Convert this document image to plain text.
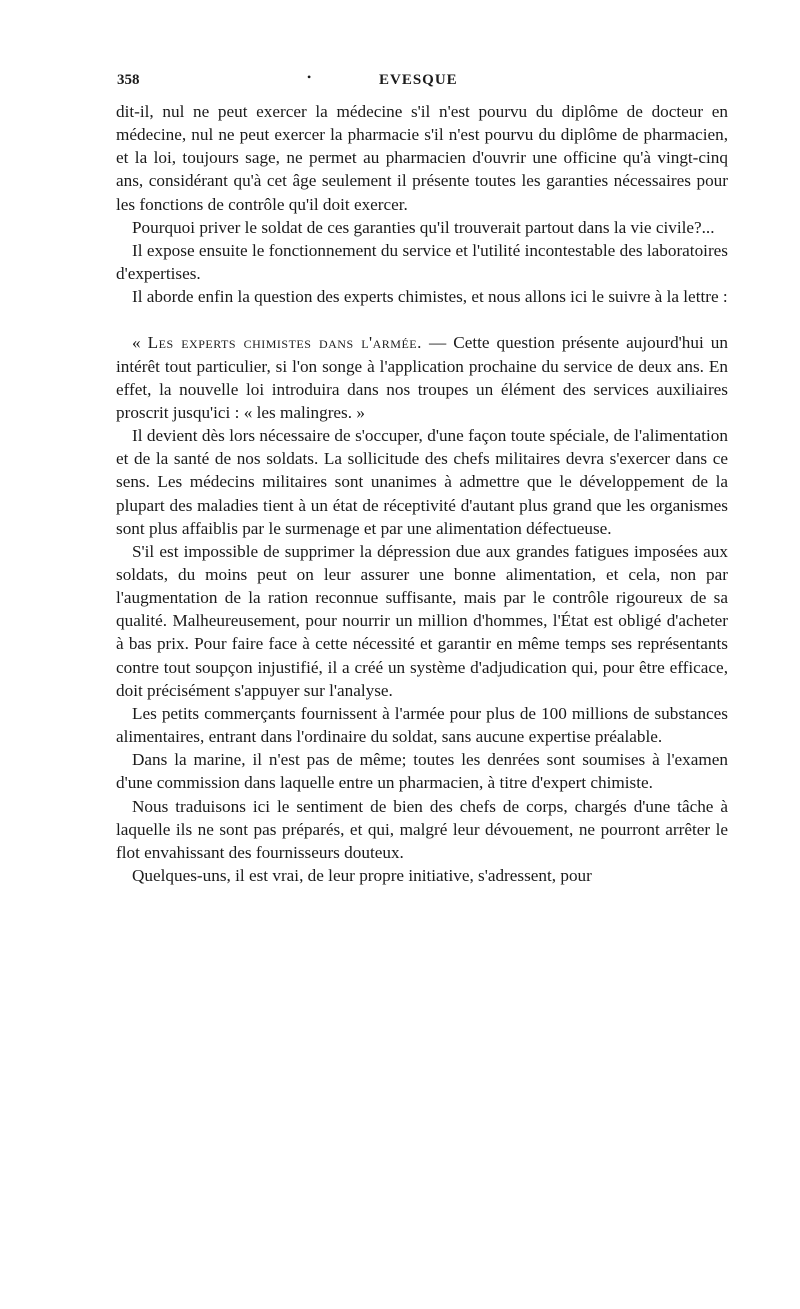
358	•	EVESQUE

dit-il, nul ne peut exercer la médecine s'il n'est pourvu du diplôme de docteur en médecine, nul ne peut exercer la pharmacie s'il n'est pourvu du diplôme de pharmacien, et la loi, toujours sage, ne permet au pharmacien d'ouvrir une officine qu'à vingt-cinq ans, considérant qu'à cet âge seulement il présente toutes les garanties nécessaires pour les fonctions de contrôle qu'il doit exercer.

Pourquoi priver le soldat de ces garanties qu'il trouverait partout dans la vie civile?...

Il expose ensuite le fonctionnement du service et l'utilité incontestable des laboratoires d'expertises.

Il aborde enfin la question des experts chimistes, et nous allons ici le suivre à la lettre :

« Les experts chimistes dans l'armée. — Cette question présente aujourd'hui un intérêt tout particulier, si l'on songe à l'application prochaine du service de deux ans. En effet, la nouvelle loi introduira dans nos troupes un élément des services auxiliaires proscrit jusqu'ici : « les malingres. »

Il devient dès lors nécessaire de s'occuper, d'une façon toute spéciale, de l'alimentation et de la santé de nos soldats. La sollicitude des chefs militaires devra s'exercer dans ce sens. Les médecins militaires sont unanimes à admettre que le développement de la plupart des maladies tient à un état de réceptivité d'autant plus grand que les organismes sont plus affaiblis par le surmenage et par une alimentation défectueuse.

S'il est impossible de supprimer la dépression due aux grandes fatigues imposées aux soldats, du moins peut on leur assurer une bonne alimentation, et cela, non par l'augmentation de la ration reconnue suffisante, mais par le contrôle rigoureux de sa qualité. Malheureusement, pour nourrir un million d'hommes, l'État est obligé d'acheter à bas prix. Pour faire face à cette nécessité et garantir en même temps ses représentants contre tout soupçon injustifié, il a créé un système d'adjudication qui, pour être efficace, doit précisément s'appuyer sur l'analyse.

Les petits commerçants fournissent à l'armée pour plus de 100 millions de substances alimentaires, entrant dans l'ordinaire du soldat, sans aucune expertise préalable.

Dans la marine, il n'est pas de même; toutes les denrées sont soumises à l'examen d'une commission dans laquelle entre un pharmacien, à titre d'expert chimiste.

Nous traduisons ici le sentiment de bien des chefs de corps, chargés d'une tâche à laquelle ils ne sont pas préparés, et qui, malgré leur dévouement, ne pourront arrêter le flot envahissant des fournisseurs douteux.

Quelques-uns, il est vrai, de leur propre initiative, s'adressent, pour
